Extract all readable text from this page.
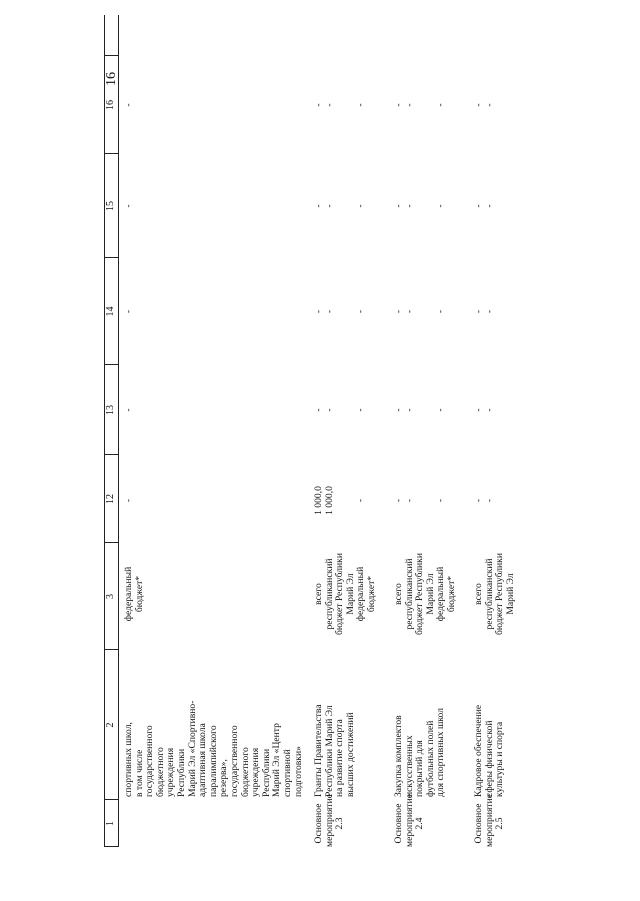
16
1
2
3
12
13
14
15
16
спортивных школ, в том числе государственного бюджетного учреждения Республики Марий Эл «Спортивно- адаптивная школа паралимпийского резерва», государственного бюджетного учреждения Республики Марий Эл «Центр спортивной подготовки»
федеральный бюджет*
-
-
-
-
-
Основное мероприятие 2.3
Гранты Правительства Республики Марий Эл на развитие спорта высших достижений
всего республиканский бюджет Республики Марий Эл федеральный бюджет*
1 000,0
-
-
-
-
1 000,0
-
-
-
-
-
-
-
-
-
Основное мероприятие 2.4
Закупка комплектов искусственных покрытий для футбольных полей для спортивных школ
всего республиканский бюджет Республики Марий Эл федеральный бюджет*
-
-
-
-
-
-
-
-
-
-
-
-
-
-
-
Основное мероприятие 2.5
Кадровое обеспечение сферы физической культуры и спорта
всего республиканский бюджет Республики Марий Эл
-
-
-
-
-
-
-
-
-
-
